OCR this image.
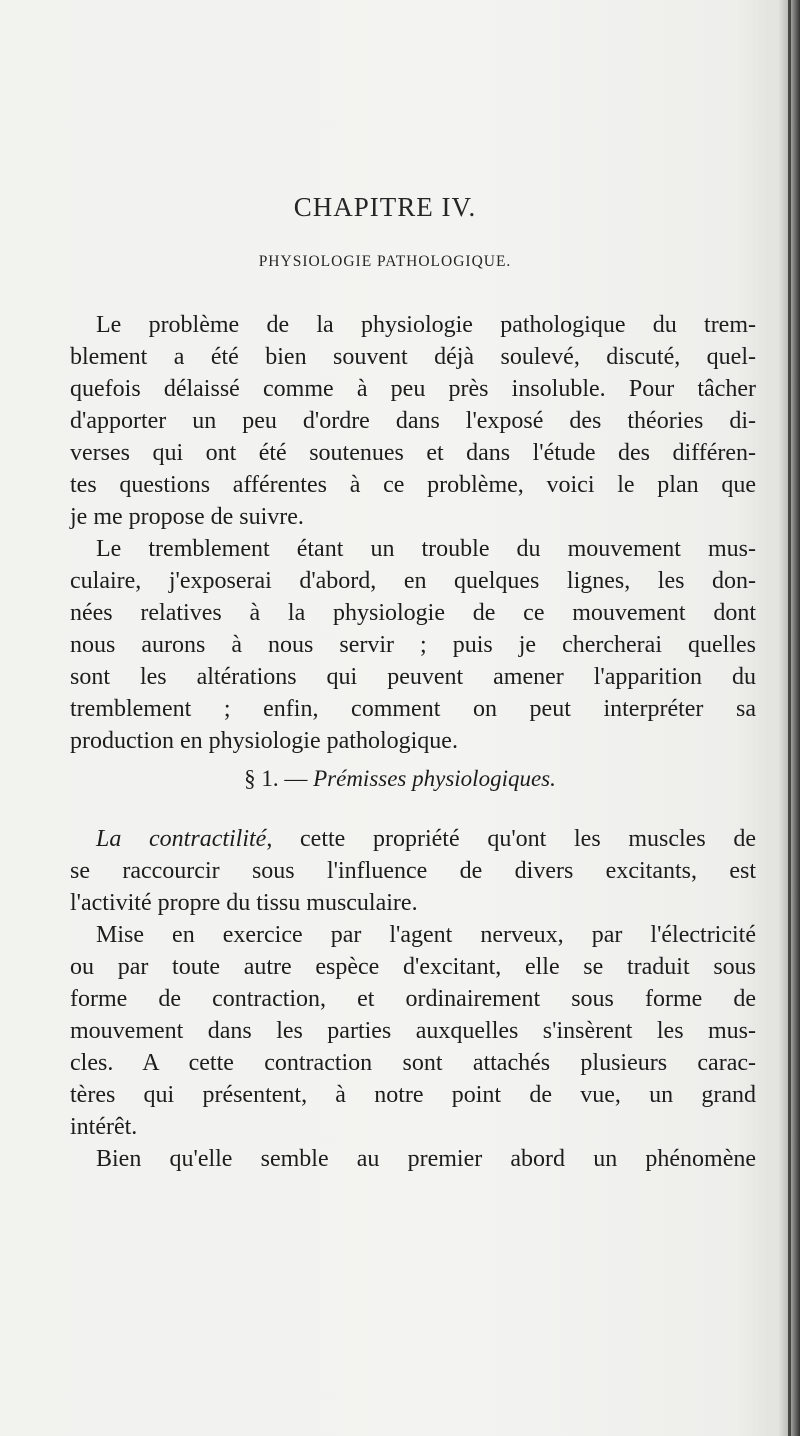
CHAPITRE IV.
PHYSIOLOGIE PATHOLOGIQUE.

Le problème de la physiologie pathologique du trem-

blement a été bien souvent déjà soulevé, discuté, quel-

quefois délaissé comme à peu près insoluble. Pour tâcher

d'apporter un peu d'ordre dans l'exposé des théories di-

verses qui ont été soutenues et dans l'étude des différen-

tes questions afférentes à ce problème, voici le plan que

je me propose de suivre.

Le tremblement étant un trouble du mouvement mus-

culaire, j'exposerai d'abord, en quelques lignes, les don-

nées relatives à la physiologie de ce mouvement dont

nous aurons à nous servir ; puis je chercherai quelles

sont les altérations qui peuvent amener l'apparition du

tremblement ; enfin, comment on peut interpréter sa

production en physiologie pathologique.

§ 1. — Prémisses physiologiques.

La contractilité, cette propriété qu'ont les muscles de

se raccourcir sous l'influence de divers excitants, est

l'activité propre du tissu musculaire.

Mise en exercice par l'agent nerveux, par l'électricité

ou par toute autre espèce d'excitant, elle se traduit sous

forme de contraction, et ordinairement sous forme de

mouvement dans les parties auxquelles s'insèrent les mus-

cles. A cette contraction sont attachés plusieurs carac-

tères qui présentent, à notre point de vue, un grand

intérêt.

Bien qu'elle semble au premier abord un phénomène
